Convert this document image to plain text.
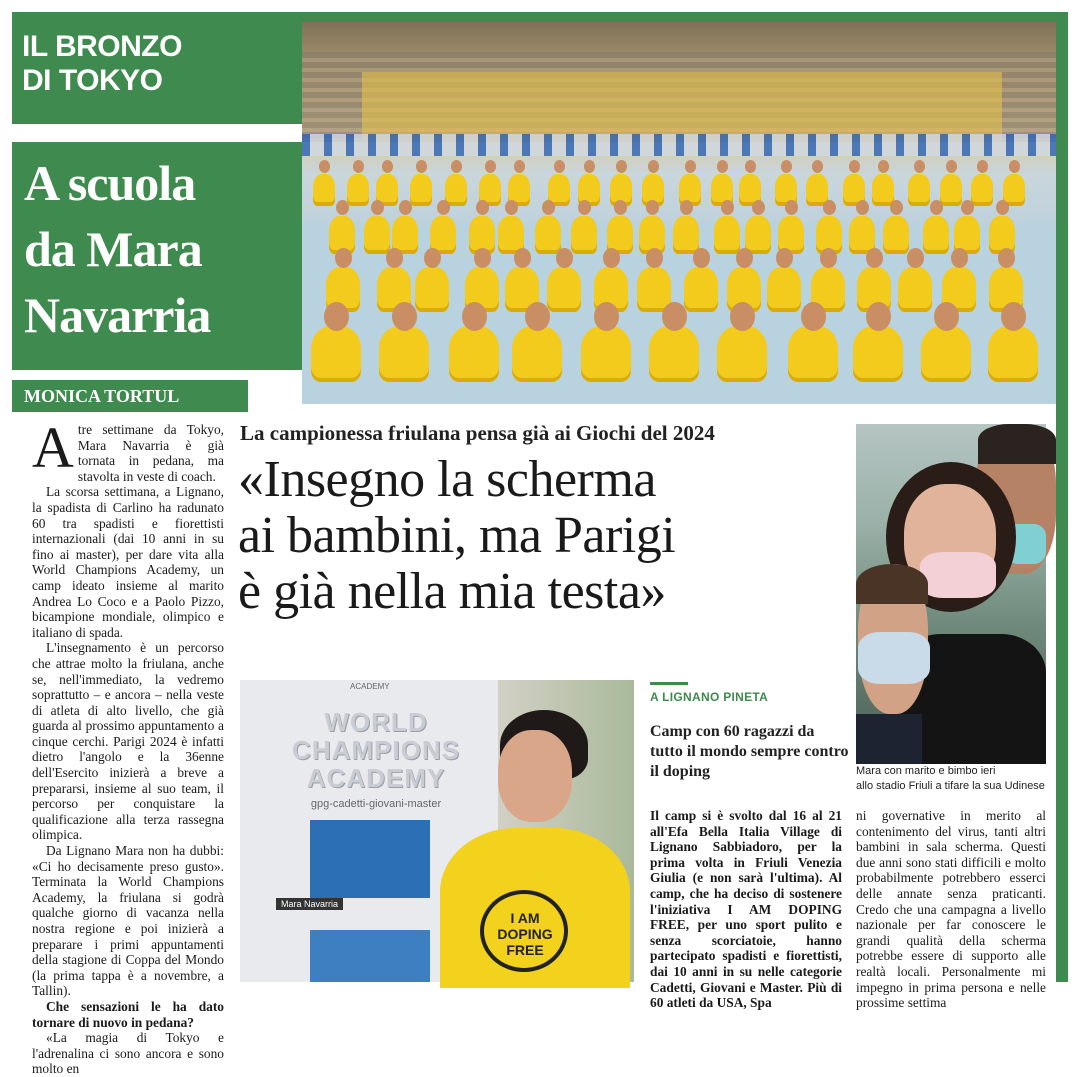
IL BRONZO
DI TOKYO
A scuola
da Mara
Navarria
MONICA TORTUL
La campionessa friulana pensa già ai Giochi del 2024
«Insegno la scherma
ai bambini, ma Parigi
è già nella mia testa»

Atre settimane da Tokyo, Mara Navarria è già tornata in pedana, ma stavolta in veste di coach.

La scorsa settimana, a Lignano, la spadista di Carlino ha radunato 60 tra spadisti e fiorettisti internazionali (dai 10 anni in su fino ai master), per dare vita alla World Champions Academy, un camp ideato insieme al marito Andrea Lo Coco e a Paolo Pizzo, bicampione mondiale, olimpico e italiano di spada.

L'insegnamento è un percorso che attrae molto la friulana, anche se, nell'immediato, la vedremo soprattutto – e ancora – nella veste di atleta di alto livello, che già guarda al prossimo appuntamento a cinque cerchi. Parigi 2024 è infatti dietro l'angolo e la 36enne dell'Esercito inizierà a breve a prepararsi, insieme al suo team, il percorso per conquistare la qualificazione alla terza rassegna olimpica.

Da Lignano Mara non ha dubbi: «Ci ho decisamente preso gusto». Terminata la World Champions Academy, la friulana si godrà qualche giorno di vacanza nella nostra regione e poi inizierà a preparare i primi appuntamenti della stagione di Coppa del Mondo (la prima tappa è a novembre, a Tallin).

Che sensazioni le ha dato tornare di nuovo in pedana?

«La magia di Tokyo e l'adrenalina ci sono ancora e sono molto en

ACADEMY
WORLD CHAMPIONS ACADEMY
gpg-cadetti-giovani-master
Mara Navarria
I AM DOPING FREE
A LIGNANO PINETA
Camp con 60 ragazzi da tutto il mondo sempre contro il doping
Il camp si è svolto dal 16 al 21 all'Efa Bella Italia Village di Lignano Sabbiadoro, per la prima volta in Friuli Venezia Giulia (e non sarà l'ultima). Al camp, che ha deciso di sostenere l'iniziativa I AM DOPING FREE, per uno sport pulito e senza scorciatoie, hanno partecipato spadisti e fiorettisti, dai 10 anni in su nelle categorie Cadetti, Giovani e Master. Più di 60 atleti da USA, Spa
Mara con marito e bimbo ieri
allo stadio Friuli a tifare la sua Udinese
ni governative in merito al contenimento del virus, tanti altri bambini in sala scherma. Questi due anni sono stati difficili e molto probabilmente potrebbero esserci delle annate senza praticanti. Credo che una campagna a livello nazionale per far conoscere le grandi qualità della scherma potrebbe essere di supporto alle realtà locali. Personalmente mi impegno in prima persona e nelle prossime settima
